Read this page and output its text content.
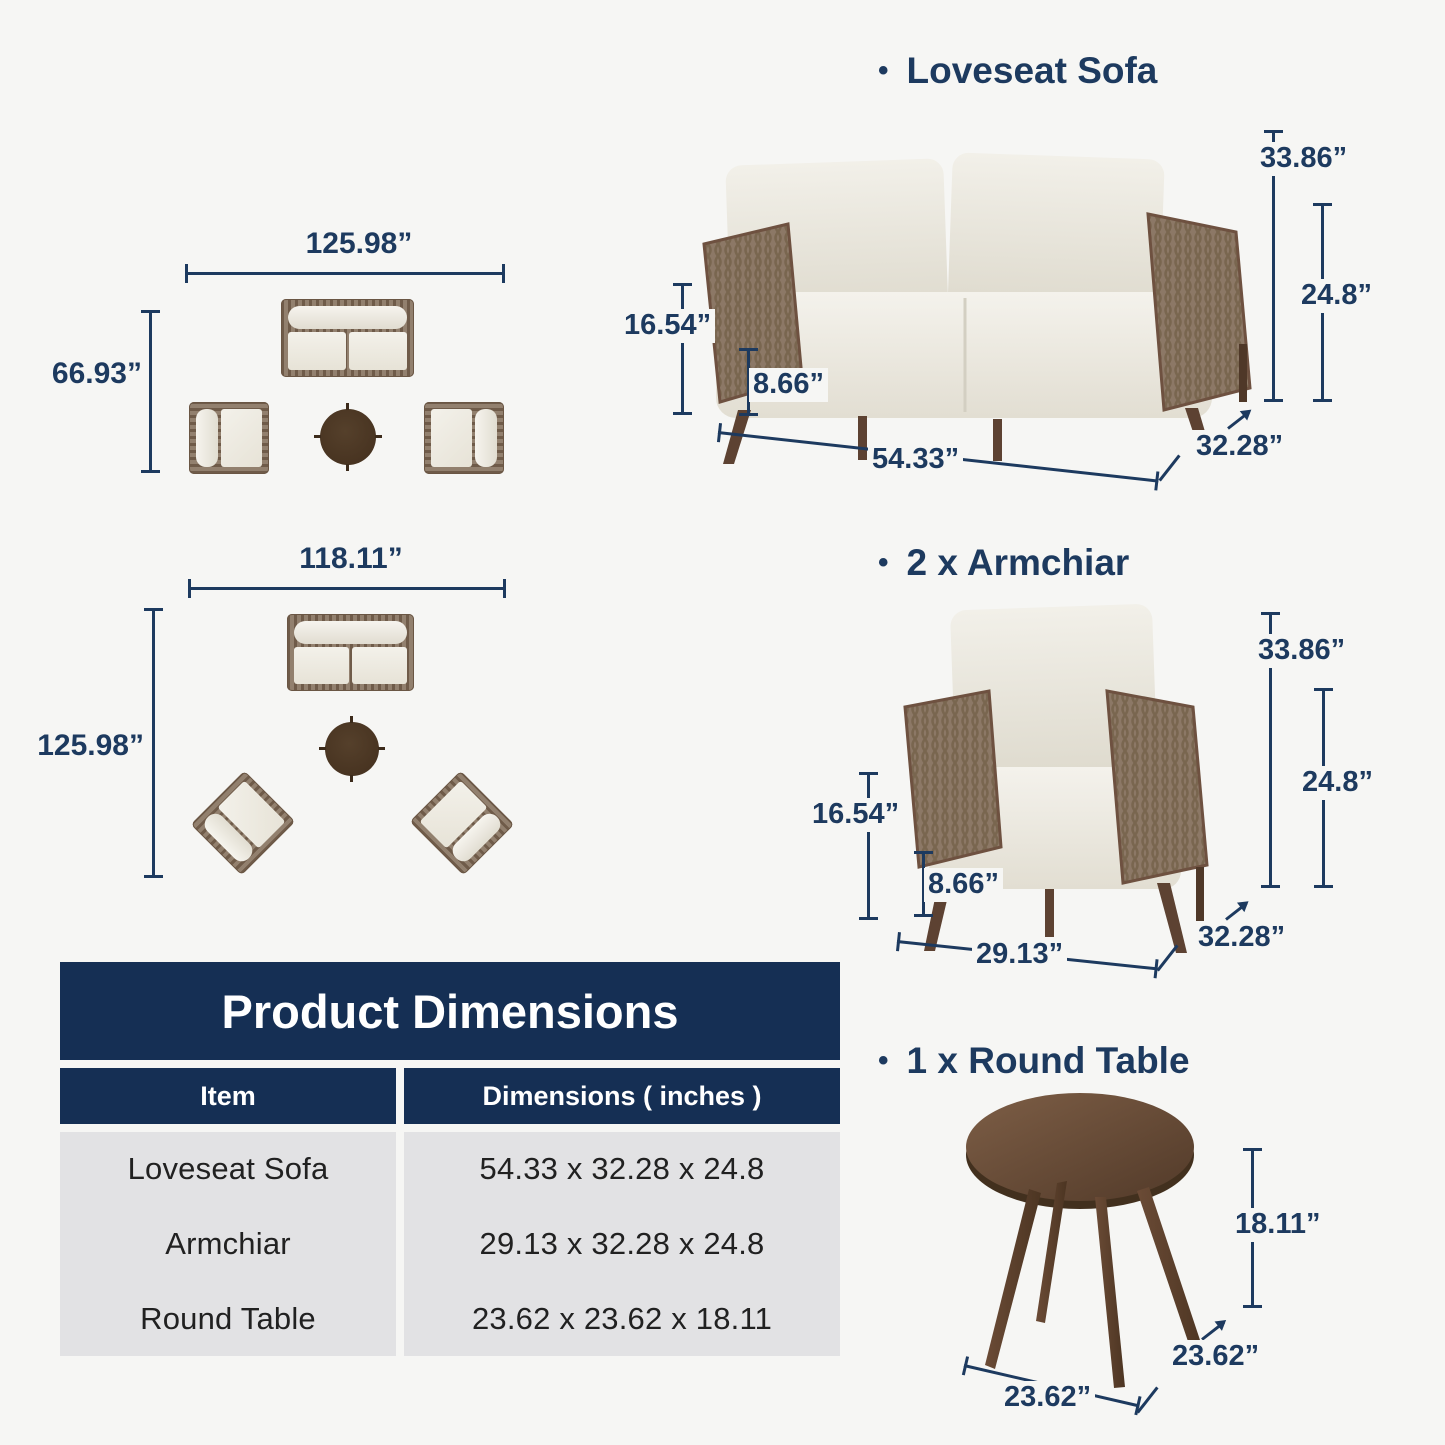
125.98”
66.93”
118.11”
125.98”
Product Dimensions
Item	Dimensions ( inches )
Loveseat Sofa
Armchiar
Round Table
54.33 x 32.28 x 24.8
29.13 x 32.28 x 24.8
23.62 x 23.62 x 18.11
• Loveseat Sofa
33.86”
24.8”
16.54”
8.66”
54.33”	32.28”
• 2 x Armchiar
33.86”
24.8”
16.54”
8.66”
29.13”
32.28”
• 1 x Round Table
18.11”
23.62”
23.62”
